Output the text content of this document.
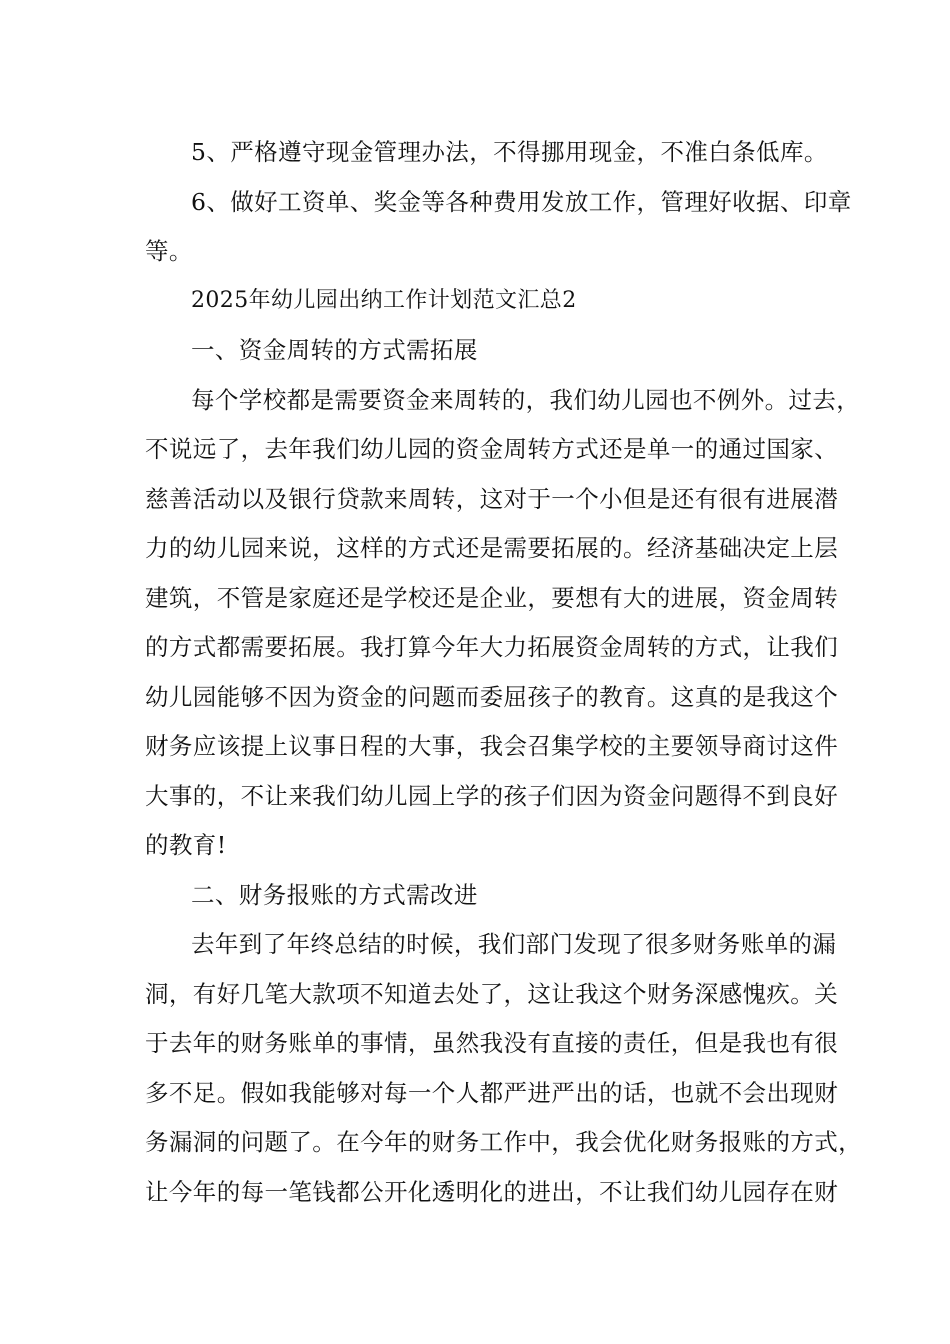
5、严格遵守现金管理办法，不得挪用现金，不准白条低库。
6、做好工资单、奖金等各种费用发放工作，管理好收据、印章
等。
2025年幼儿园出纳工作计划范文汇总2
一、资金周转的方式需拓展
每个学校都是需要资金来周转的，我们幼儿园也不例外。过去，
不说远了，去年我们幼儿园的资金周转方式还是单一的通过国家、
慈善活动以及银行贷款来周转，这对于一个小但是还有很有进展潜
力的幼儿园来说，这样的方式还是需要拓展的。经济基础决定上层
建筑，不管是家庭还是学校还是企业，要想有大的进展，资金周转
的方式都需要拓展。我打算今年大力拓展资金周转的方式，让我们
幼儿园能够不因为资金的问题而委屈孩子的教育。这真的是我这个
财务应该提上议事日程的大事，我会召集学校的主要领导商讨这件
大事的，不让来我们幼儿园上学的孩子们因为资金问题得不到良好
的教育!
二、财务报账的方式需改进
去年到了年终总结的时候，我们部门发现了很多财务账单的漏
洞，有好几笔大款项不知道去处了，这让我这个财务深感愧疚。关
于去年的财务账单的事情，虽然我没有直接的责任，但是我也有很
多不足。假如我能够对每一个人都严进严出的话，也就不会出现财
务漏洞的问题了。在今年的财务工作中，我会优化财务报账的方式，
让今年的每一笔钱都公开化透明化的进出，不让我们幼儿园存在财
